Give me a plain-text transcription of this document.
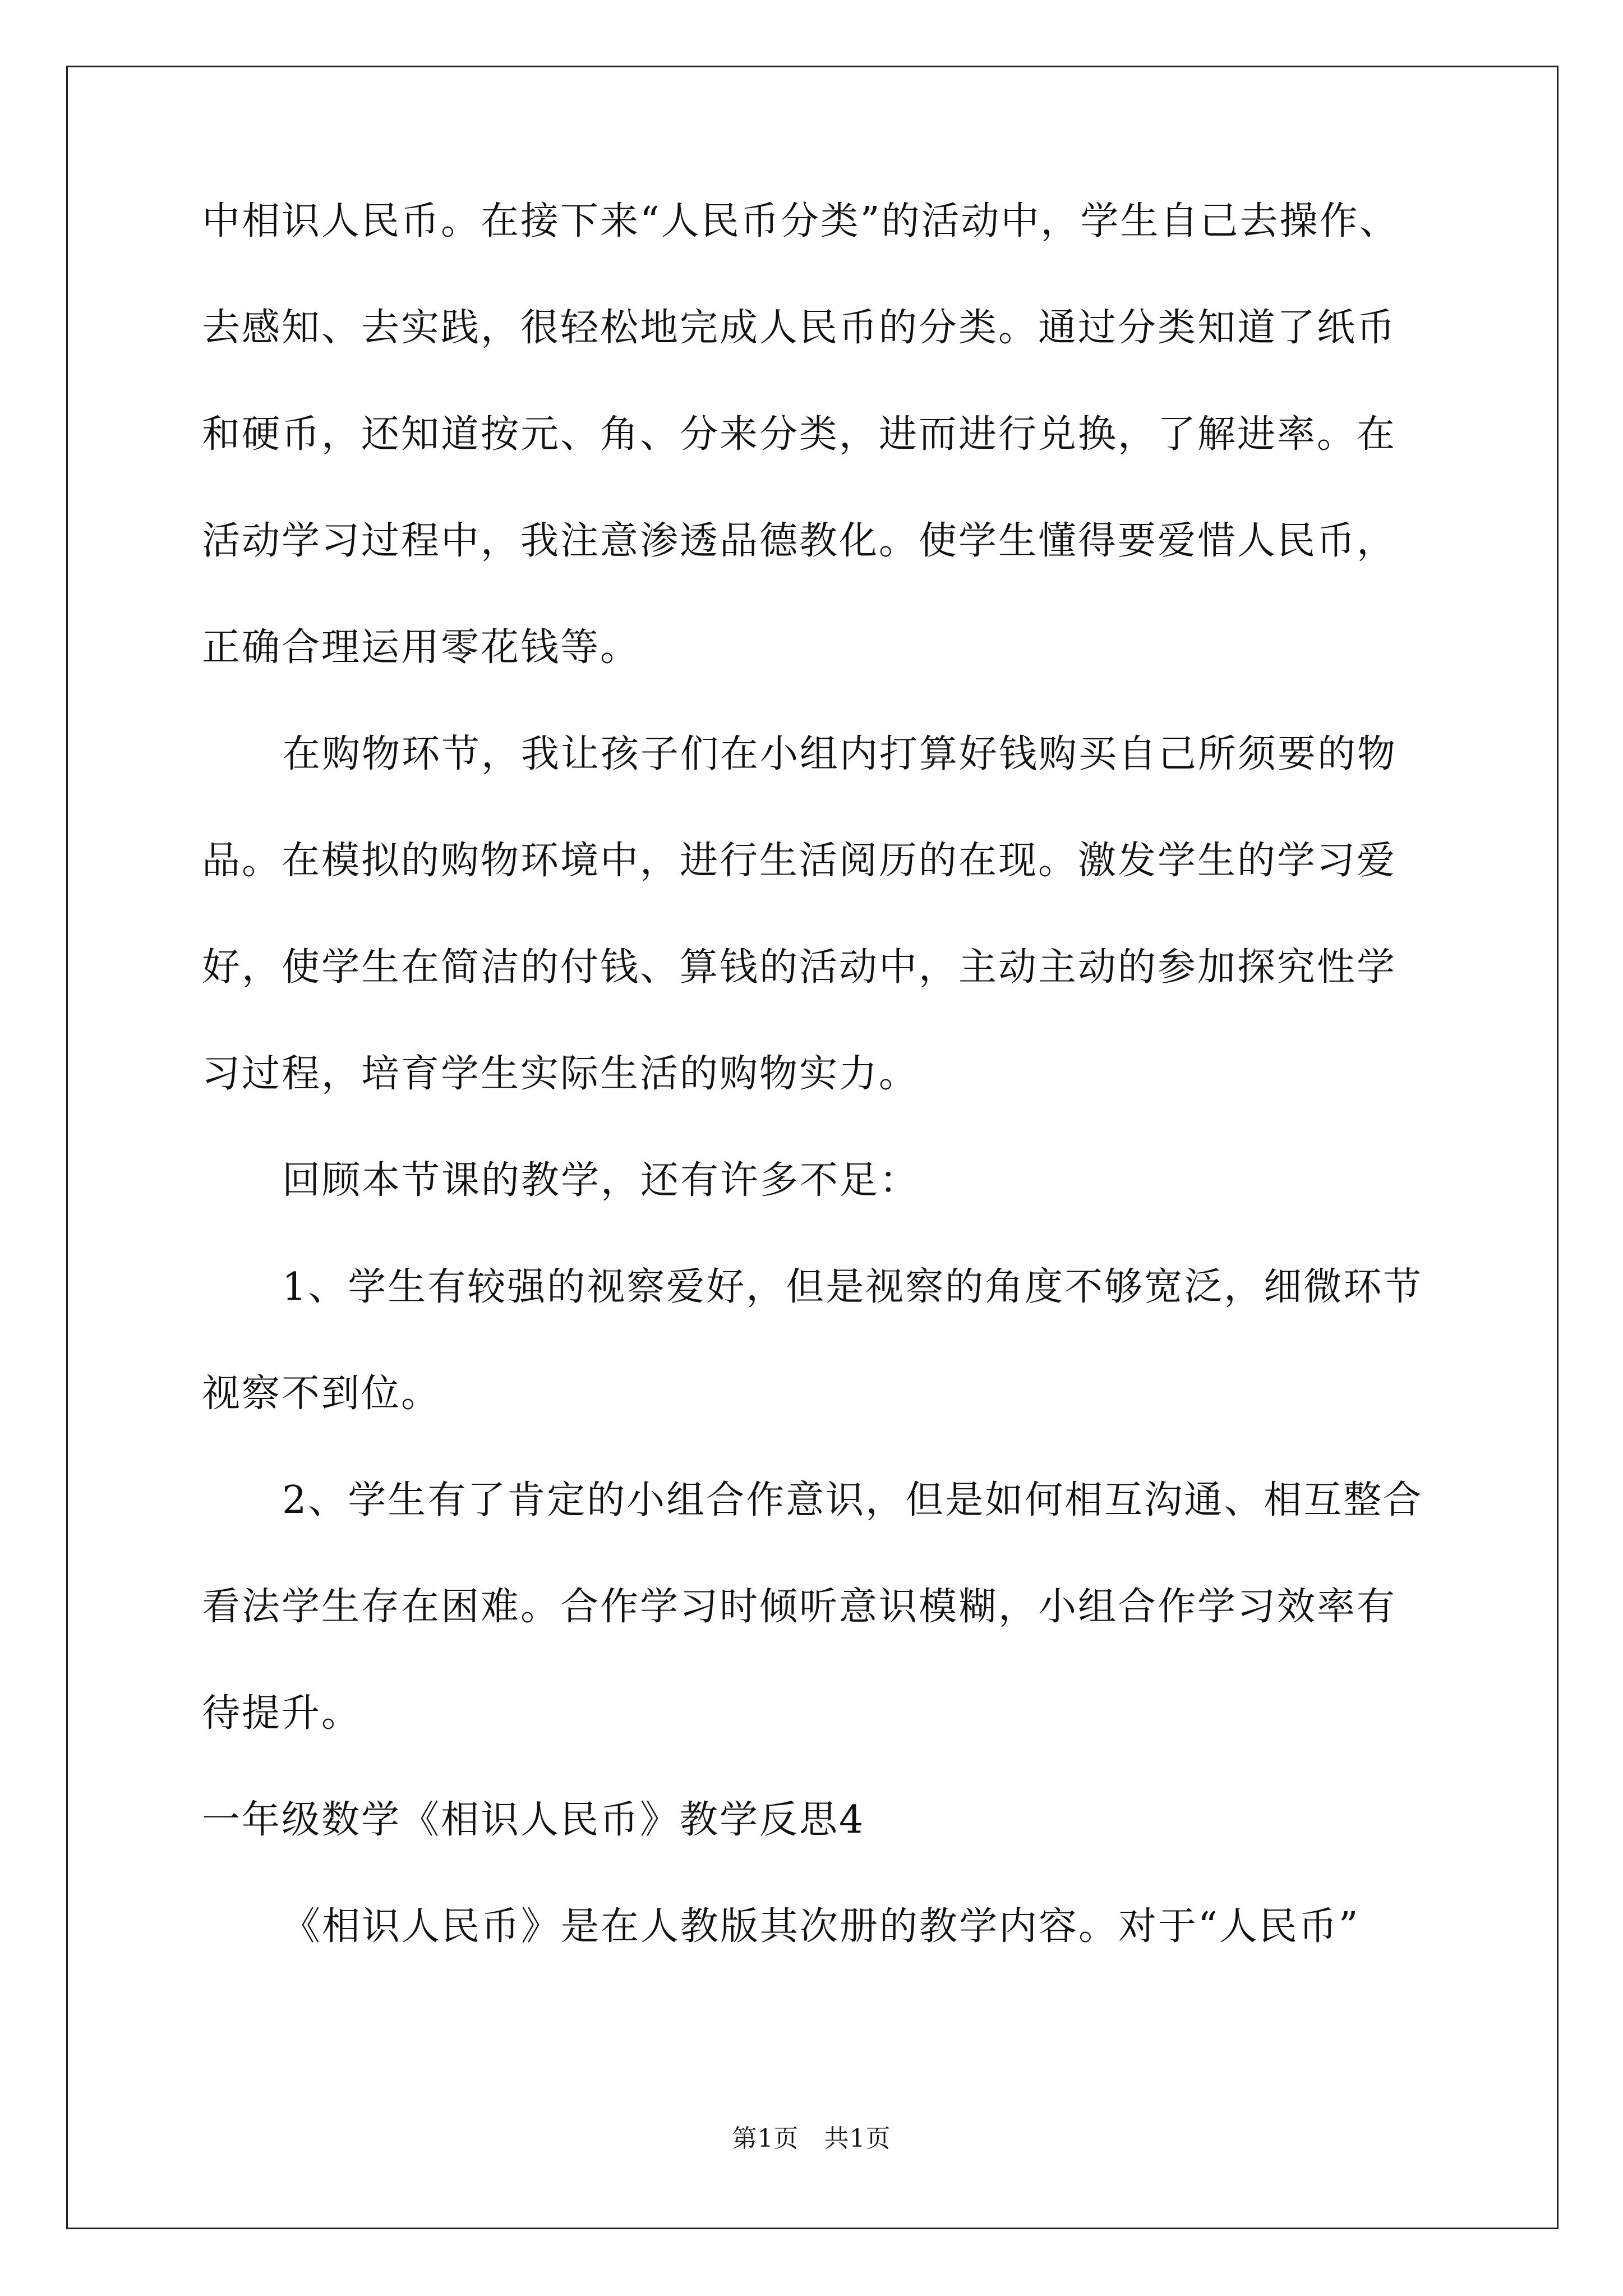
中相识人民币。在接下来“人民币分类”的活动中，学生自己去操作、
去感知、去实践，很轻松地完成人民币的分类。通过分类知道了纸币
和硬币，还知道按元、角、分来分类，进而进行兑换，了解进率。在
活动学习过程中，我注意渗透品德教化。使学生懂得要爱惜人民币，
正确合理运用零花钱等。
在购物环节，我让孩子们在小组内打算好钱购买自己所须要的物
品。在模拟的购物环境中，进行生活阅历的在现。激发学生的学习爱
好，使学生在简洁的付钱、算钱的活动中，主动主动的参加探究性学
习过程，培育学生实际生活的购物实力。
回顾本节课的教学，还有许多不足：
1、学生有较强的视察爱好，但是视察的角度不够宽泛，细微环节
视察不到位。
2、学生有了肯定的小组合作意识，但是如何相互沟通、相互整合
看法学生存在困难。合作学习时倾听意识模糊，小组合作学习效率有
待提升。
一年级数学《相识人民币》教学反思4
《相识人民币》是在人教版其次册的教学内容。对于“人民币”
第1页　共1页
